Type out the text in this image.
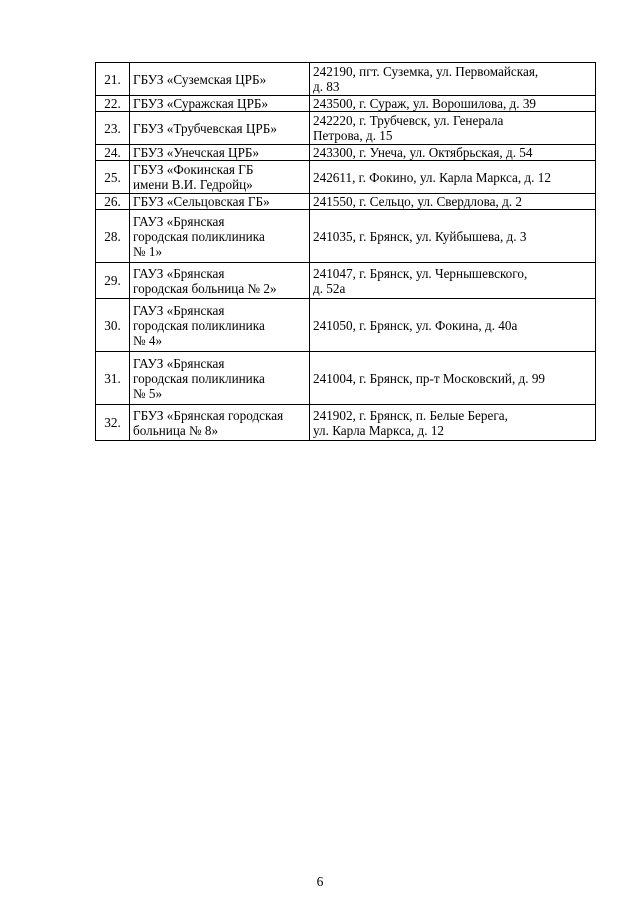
21.	ГБУЗ «Суземская ЦРБ»	242190, пгт. Суземка, ул. Первомайская,
д. 83
22.	ГБУЗ «Суражская ЦРБ»	243500, г. Сураж, ул. Ворошилова, д. 39
23.	ГБУЗ «Трубчевская ЦРБ»	242220, г. Трубчевск, ул. Генерала
Петрова, д. 15
24.	ГБУЗ «Унечская ЦРБ»	243300, г. Унеча, ул. Октябрьская, д. 54
25.	ГБУЗ «Фокинская ГБ
имени В.И. Гедройц»	242611, г. Фокино, ул. Карла Маркса, д. 12
26.	ГБУЗ «Сельцовская ГБ»	241550, г. Сельцо, ул. Свердлова, д. 2
28.	ГАУЗ «Брянская
городская поликлиника
№ 1»	241035, г. Брянск, ул. Куйбышева, д. 3
29.	ГАУЗ «Брянская
городская больница № 2»	241047, г. Брянск, ул. Чернышевского,
д. 52а
30.	ГАУЗ «Брянская
городская поликлиника
№ 4»	241050, г. Брянск, ул. Фокина, д. 40а
31.	ГАУЗ «Брянская
городская поликлиника
№ 5»	241004, г. Брянск, пр-т Московский, д. 99
32.	ГБУЗ «Брянская городская
больница № 8»	241902, г. Брянск, п. Белые Берега,
ул. Карла Маркса, д. 12
6
